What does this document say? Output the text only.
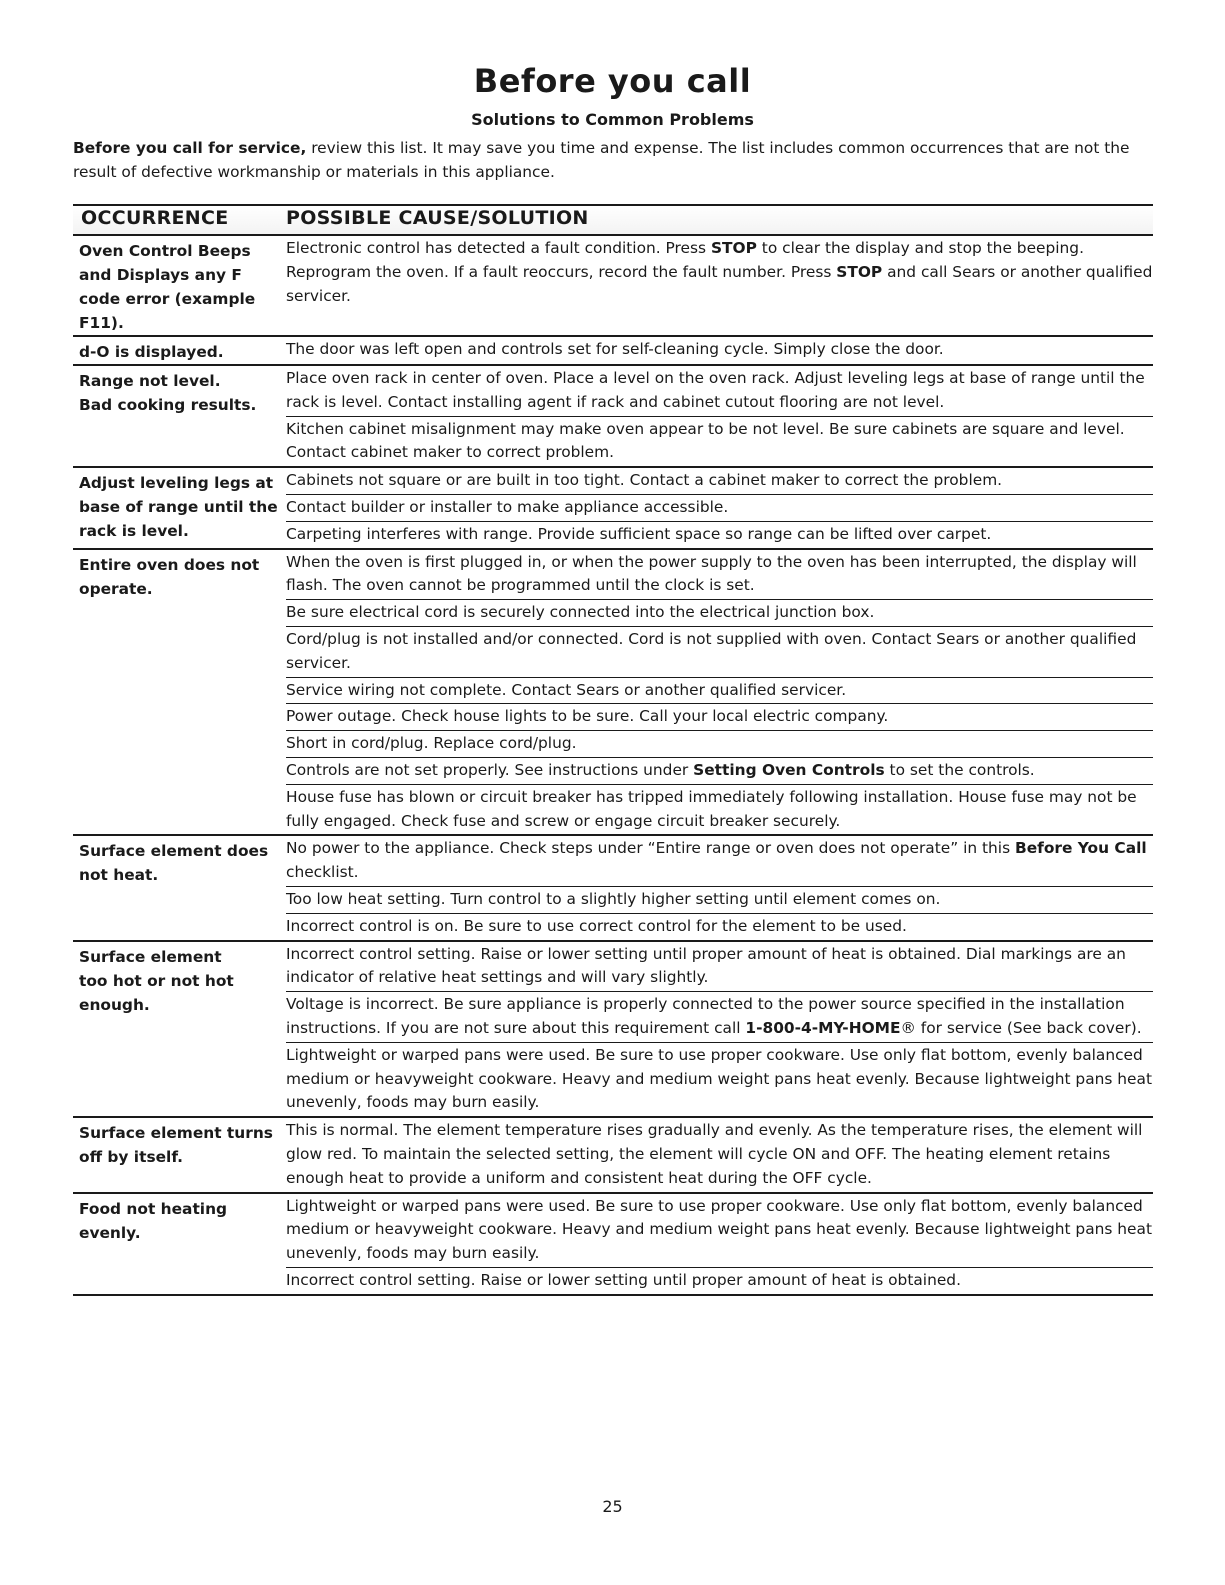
Before you call
Solutions to Common Problems
Before you call for service, review this list. It may save you time and expense. The list includes common occurrences that are not the result of defective workmanship or materials in this appliance.
OCCURRENCE	POSSIBLE CAUSE/SOLUTION
Oven Control Beeps and Displays any F code error (example F11).
Electronic control has detected a fault condition. Press STOP to clear the display and stop the beeping. Reprogram the oven. If a fault reoccurs, record the fault number. Press STOP and call Sears or another qualified servicer.
d-O is displayed.	The door was left open and controls set for self-cleaning cycle. Simply close the door.
Range not level.
Bad cooking results.
Place oven rack in center of oven. Place a level on the oven rack. Adjust leveling legs at base of range until the rack is level. Contact installing agent if rack and cabinet cutout flooring are not level.
Kitchen cabinet misalignment may make oven appear to be not level. Be sure cabinets are square and level. Contact cabinet maker to correct problem.
Adjust leveling legs at base of range until the rack is level.
Cabinets not square or are built in too tight. Contact a cabinet maker to correct the problem.
Contact builder or installer to make appliance accessible.
Carpeting interferes with range. Provide sufficient space so range can be lifted over carpet.
Entire oven does not operate.
When the oven is first plugged in, or when the power supply to the oven has been interrupted, the display will flash. The oven cannot be programmed until the clock is set.
Be sure electrical cord is securely connected into the electrical junction box.
Cord/plug is not installed and/or connected. Cord is not supplied with oven. Contact Sears or another qualified servicer.
Service wiring not complete. Contact Sears or another qualified servicer.
Power outage. Check house lights to be sure. Call your local electric company.
Short in cord/plug. Replace cord/plug.
Controls are not set properly. See instructions under Setting Oven Controls to set the controls.
House fuse has blown or circuit breaker has tripped immediately following installation. House fuse may not be fully engaged. Check fuse and screw or engage circuit breaker securely.
Surface element does not heat.
No power to the appliance. Check steps under “Entire range or oven does not operate” in this Before You Call checklist.
Too low heat setting. Turn control to a slightly higher setting until element comes on.
Incorrect control is on. Be sure to use correct control for the element to be used.
Surface element
too hot or not hot
enough.
Incorrect control setting. Raise or lower setting until proper amount of heat is obtained. Dial markings are an indicator of relative heat settings and will vary slightly.
Voltage is incorrect. Be sure appliance is properly connected to the power source specified in the installation instructions. If you are not sure about this requirement call 1-800-4-MY-HOME® for service (See back cover).
Lightweight or warped pans were used. Be sure to use proper cookware. Use only flat bottom, evenly balanced medium or heavyweight cookware. Heavy and medium weight pans heat evenly. Because lightweight pans heat unevenly, foods may burn easily.
Surface element turns off by itself.
This is normal. The element temperature rises gradually and evenly. As the temperature rises, the element will glow red. To maintain the selected setting, the element will cycle ON and OFF. The heating element retains enough heat to provide a uniform and consistent heat during the OFF cycle.
Food not heating evenly.
Lightweight or warped pans were used. Be sure to use proper cookware. Use only flat bottom, evenly balanced medium or heavyweight cookware. Heavy and medium weight pans heat evenly. Because lightweight pans heat unevenly, foods may burn easily.
Incorrect control setting. Raise or lower setting until proper amount of heat is obtained.
25
